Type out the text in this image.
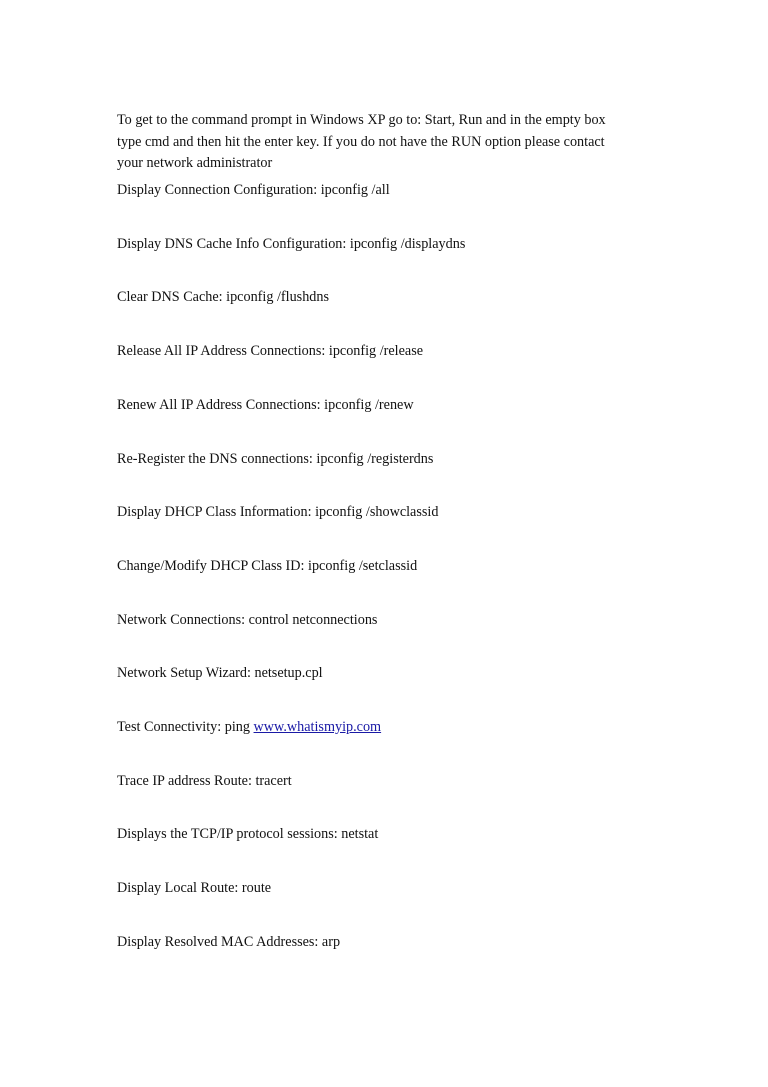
To get to the command prompt in Windows XP go to: Start, Run and in the empty box
type cmd and then hit the enter key. If you do not have the RUN option please contact
your network administrator

Display Connection Configuration: ipconfig /all
Display DNS Cache Info Configuration: ipconfig /displaydns
Clear DNS Cache: ipconfig /flushdns
Release All IP Address Connections: ipconfig /release
Renew All IP Address Connections: ipconfig /renew
Re-Register the DNS connections: ipconfig /registerdns
Display DHCP Class Information: ipconfig /showclassid
Change/Modify DHCP Class ID: ipconfig /setclassid
Network Connections: control netconnections
Network Setup Wizard: netsetup.cpl
Test Connectivity: ping www.whatismyip.com
Trace IP address Route: tracert
Displays the TCP/IP protocol sessions: netstat
Display Local Route: route
Display Resolved MAC Addresses: arp
